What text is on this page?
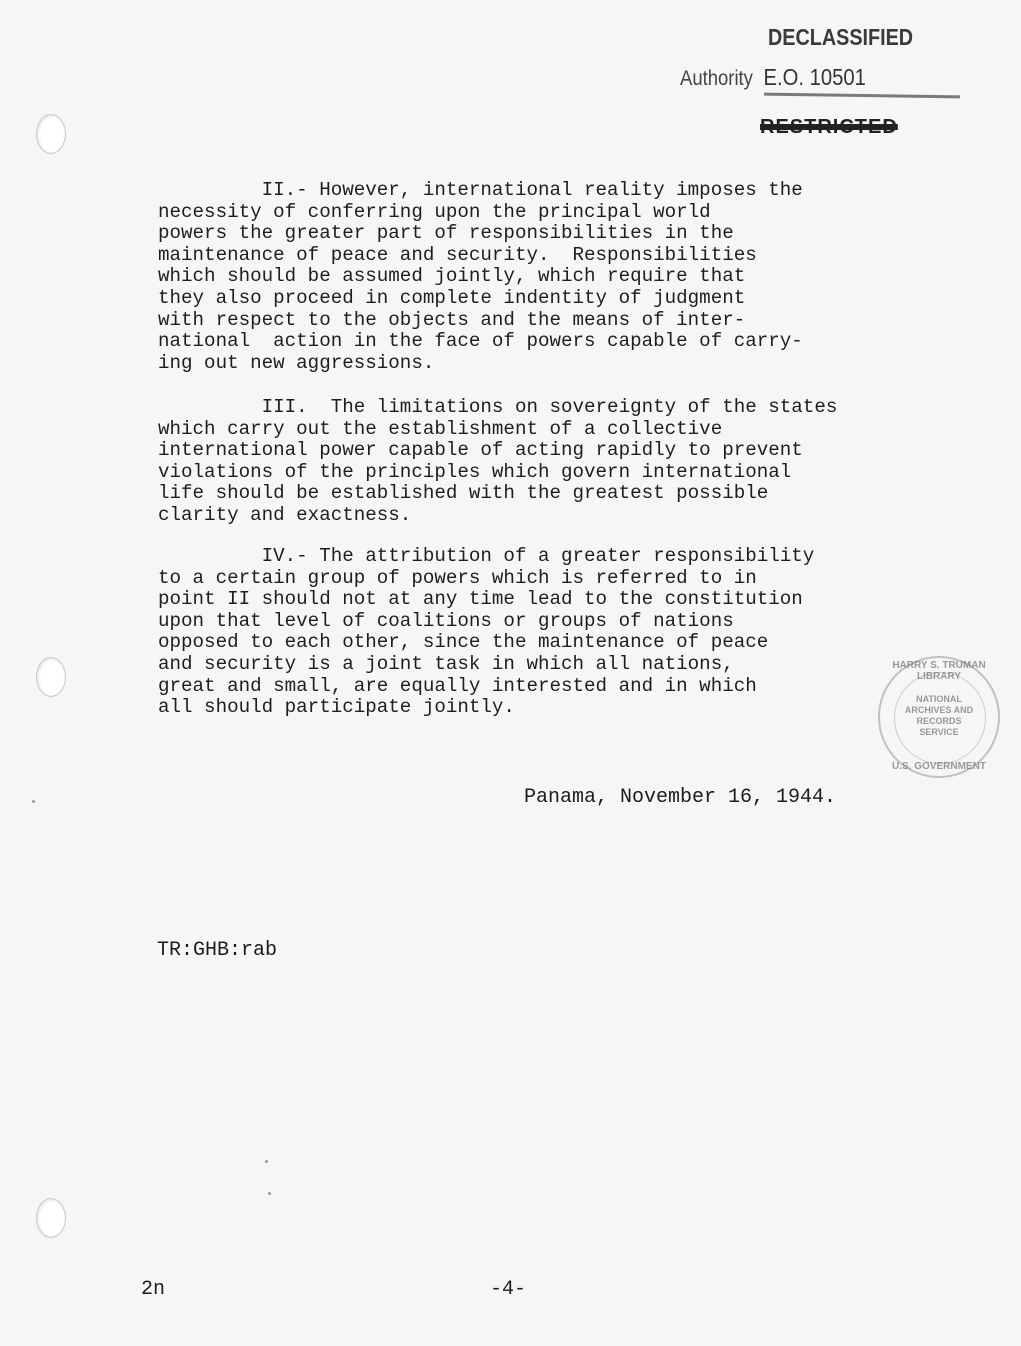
DECLASSIFIED
Authority E.O. 10501
RESTRICTED
II.- However, international reality imposes the
necessity of conferring upon the principal world
powers the greater part of responsibilities in the
maintenance of peace and security.  Responsibilities
which should be assumed jointly, which require that
they also proceed in complete indentity of judgment
with respect to the objects and the means of inter-
national  action in the face of powers capable of carry-
ing out new aggressions.
III.  The limitations on sovereignty of the states
which carry out the establishment of a collective
international power capable of acting rapidly to prevent
violations of the principles which govern international
life should be established with the greatest possible
clarity and exactness.
IV.- The attribution of a greater responsibility
to a certain group of powers which is referred to in
point II should not at any time lead to the constitution
upon that level of coalitions or groups of nations
opposed to each other, since the maintenance of peace
and security is a joint task in which all nations,
great and small, are equally interested and in which
all should participate jointly.
HARRY S. TRUMAN LIBRARY
NATIONAL ARCHIVES AND RECORDS SERVICE
U.S. GOVERNMENT
Panama, November 16, 1944.
TR:GHB:rab
2n	-4-
